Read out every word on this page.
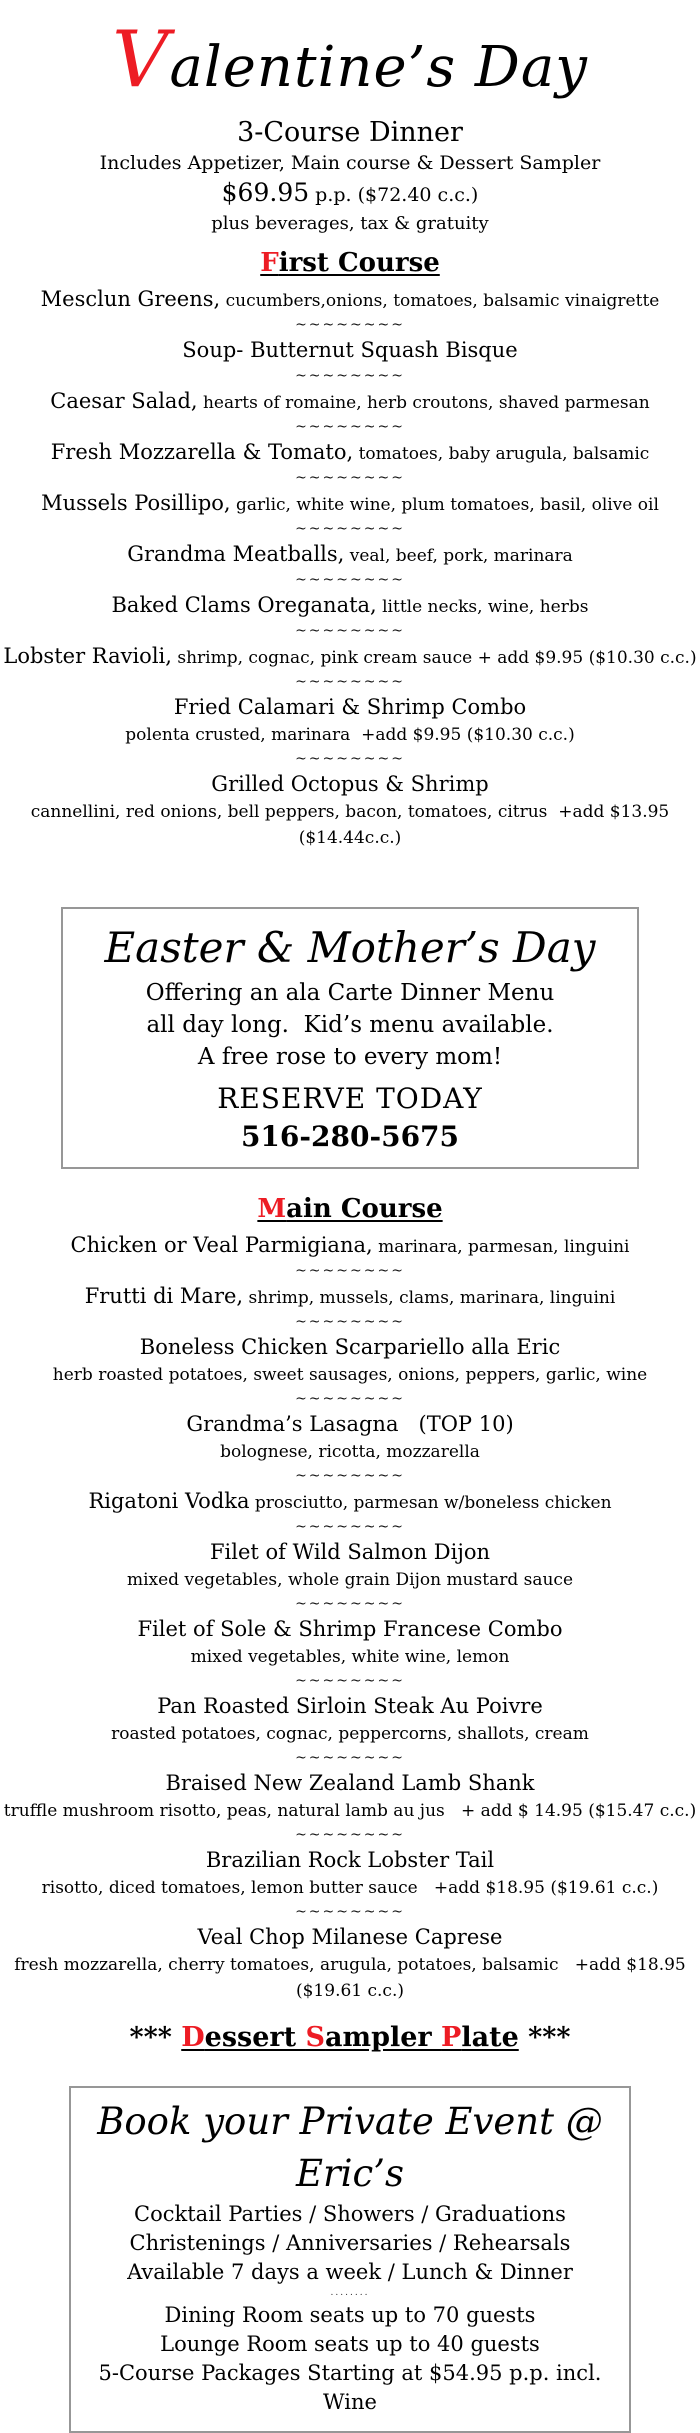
Valentine’s Day
3-Course Dinner
Includes Appetizer, Main course & Dessert Sampler
$69.95 p.p. ($72.40 c.c.)
plus beverages, tax & gratuity
First Course
Mesclun Greens, cucumbers,onions, tomatoes, balsamic vinaigrette
~~~~~~~~
Soup- Butternut Squash Bisque
~~~~~~~~
Caesar Salad, hearts of romaine, herb croutons, shaved parmesan
~~~~~~~~
Fresh Mozzarella & Tomato, tomatoes, baby arugula, balsamic
~~~~~~~~
Mussels Posillipo, garlic, white wine, plum tomatoes, basil, olive oil
~~~~~~~~
Grandma Meatballs, veal, beef, pork, marinara
~~~~~~~~
Baked Clams Oreganata, little necks, wine, herbs
~~~~~~~~
Lobster Ravioli, shrimp, cognac, pink cream sauce + add $9.95 ($10.30 c.c.)
~~~~~~~~
Fried Calamari & Shrimp Combo
polenta crusted, marinara  +add $9.95 ($10.30 c.c.)
~~~~~~~~
Grilled Octopus & Shrimp
cannellini, red onions, bell peppers, bacon, tomatoes, citrus  +add $13.95 ($14.44c.c.)
Easter & Mother’s Day
Offering an ala Carte Dinner Menu
all day long.  Kid’s menu available.
A free rose to every mom!
RESERVE TODAY
516-280-5675
Main Course
Chicken or Veal Parmigiana, marinara, parmesan, linguini
~~~~~~~~
Frutti di Mare, shrimp, mussels, clams, marinara, linguini
~~~~~~~~
Boneless Chicken Scarpariello alla Eric
herb roasted potatoes, sweet sausages, onions, peppers, garlic, wine
~~~~~~~~
Grandma’s Lasagna   (TOP 10)
bolognese, ricotta, mozzarella
~~~~~~~~
Rigatoni Vodka prosciutto, parmesan w/boneless chicken
~~~~~~~~
Filet of Wild Salmon Dijon
mixed vegetables, whole grain Dijon mustard sauce
~~~~~~~~
Filet of Sole & Shrimp Francese Combo
mixed vegetables, white wine, lemon
~~~~~~~~
Pan Roasted Sirloin Steak Au Poivre
roasted potatoes, cognac, peppercorns, shallots, cream
~~~~~~~~
Braised New Zealand Lamb Shank
truffle mushroom risotto, peas, natural lamb au jus   + add $ 14.95 ($15.47 c.c.)
~~~~~~~~
Brazilian Rock Lobster Tail
risotto, diced tomatoes, lemon butter sauce   +add $18.95 ($19.61 c.c.)
~~~~~~~~
Veal Chop Milanese Caprese
fresh mozzarella, cherry tomatoes, arugula, potatoes, balsamic   +add $18.95 ($19.61 c.c.)
*** Dessert Sampler Plate ***
Book your Private Event @ Eric’s
Cocktail Parties / Showers / Graduations
Christenings / Anniversaries / Rehearsals
Available 7 days a week / Lunch & Dinner
........
Dining Room seats up to 70 guests
Lounge Room seats up to 40 guests
5-Course Packages Starting at $54.95 p.p. incl. Wine
